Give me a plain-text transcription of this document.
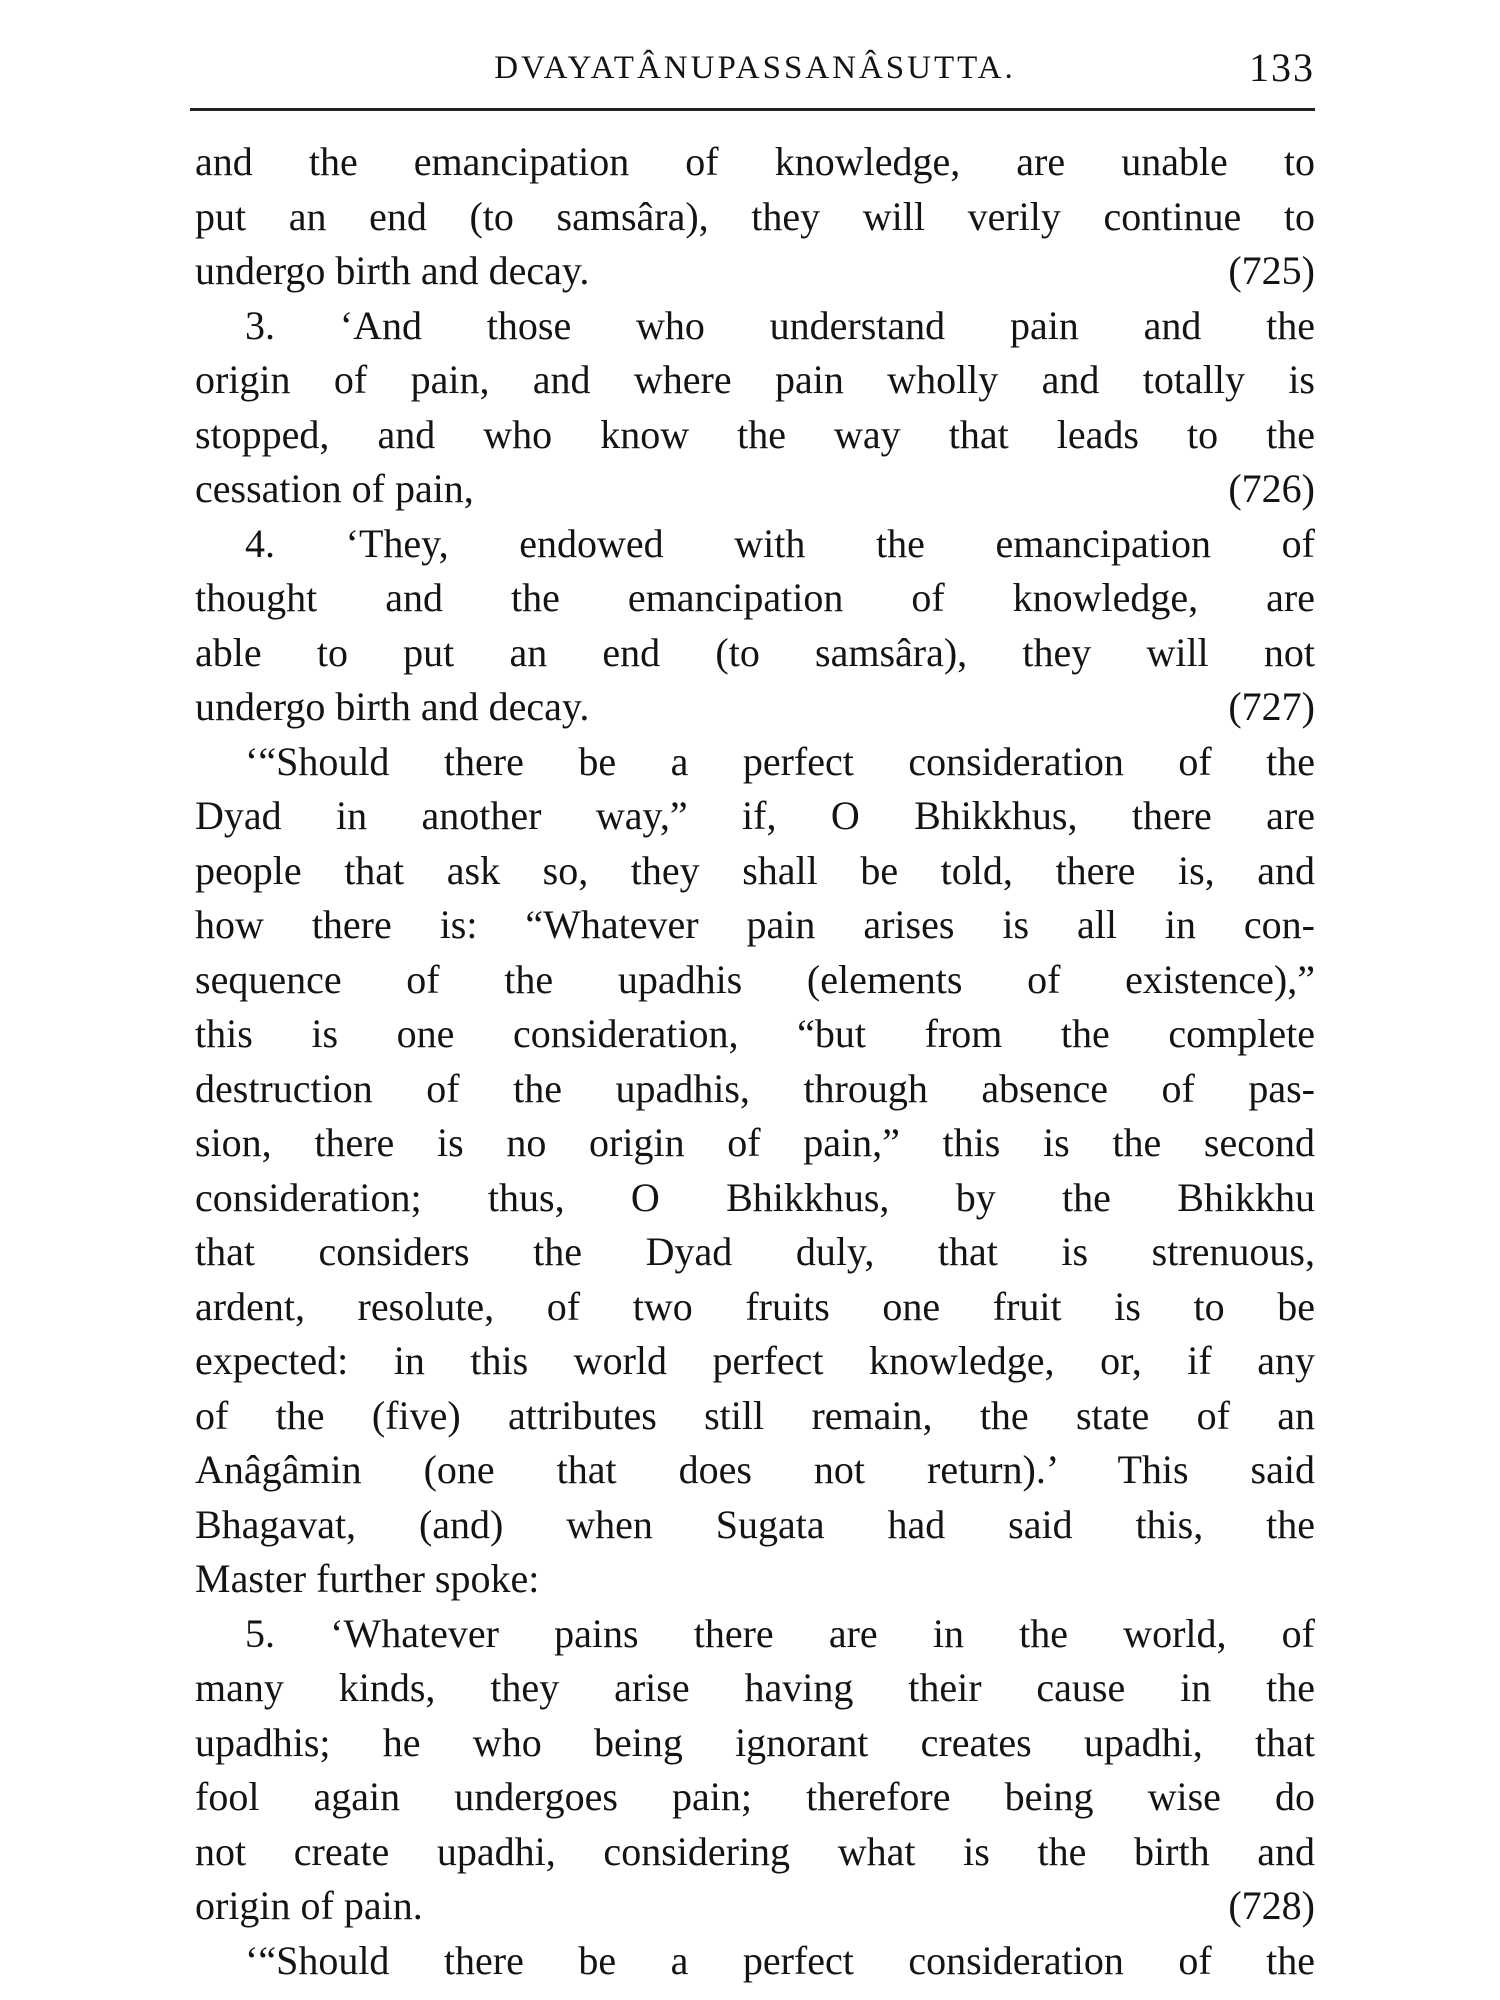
DVAYATÂNUPASSANÂSUTTA.	133
and the emancipation of knowledge, are unable to
put an end (to samsâra), they will verily continue to
undergo birth and decay.	(725)
3. ‘And those who understand pain and the
origin of pain, and where pain wholly and totally is
stopped, and who know the way that leads to the
cessation of pain,	(726)
4. ‘They, endowed with the emancipation of
thought and the emancipation of knowledge, are
able to put an end (to samsâra), they will not
undergo birth and decay.	(727)
‘“Should there be a perfect consideration of the
Dyad in another way,” if, O Bhikkhus, there are
people that ask so, they shall be told, there is, and
how there is: “Whatever pain arises is all in con-
sequence of the upadhis (elements of existence),”
this is one consideration, “but from the complete
destruction of the upadhis, through absence of pas-
sion, there is no origin of pain,” this is the second
consideration; thus, O Bhikkhus, by the Bhikkhu
that considers the Dyad duly, that is strenuous,
ardent, resolute, of two fruits one fruit is to be
expected: in this world perfect knowledge, or, if any
of the (five) attributes still remain, the state of an
Anâgâmin (one that does not return).’ This said
Bhagavat, (and) when Sugata had said this, the
Master further spoke:
5. ‘Whatever pains there are in the world, of
many kinds, they arise having their cause in the
upadhis; he who being ignorant creates upadhi, that
fool again undergoes pain; therefore being wise do
not create upadhi, considering what is the birth and
origin of pain.	(728)
‘“Should there be a perfect consideration of the
